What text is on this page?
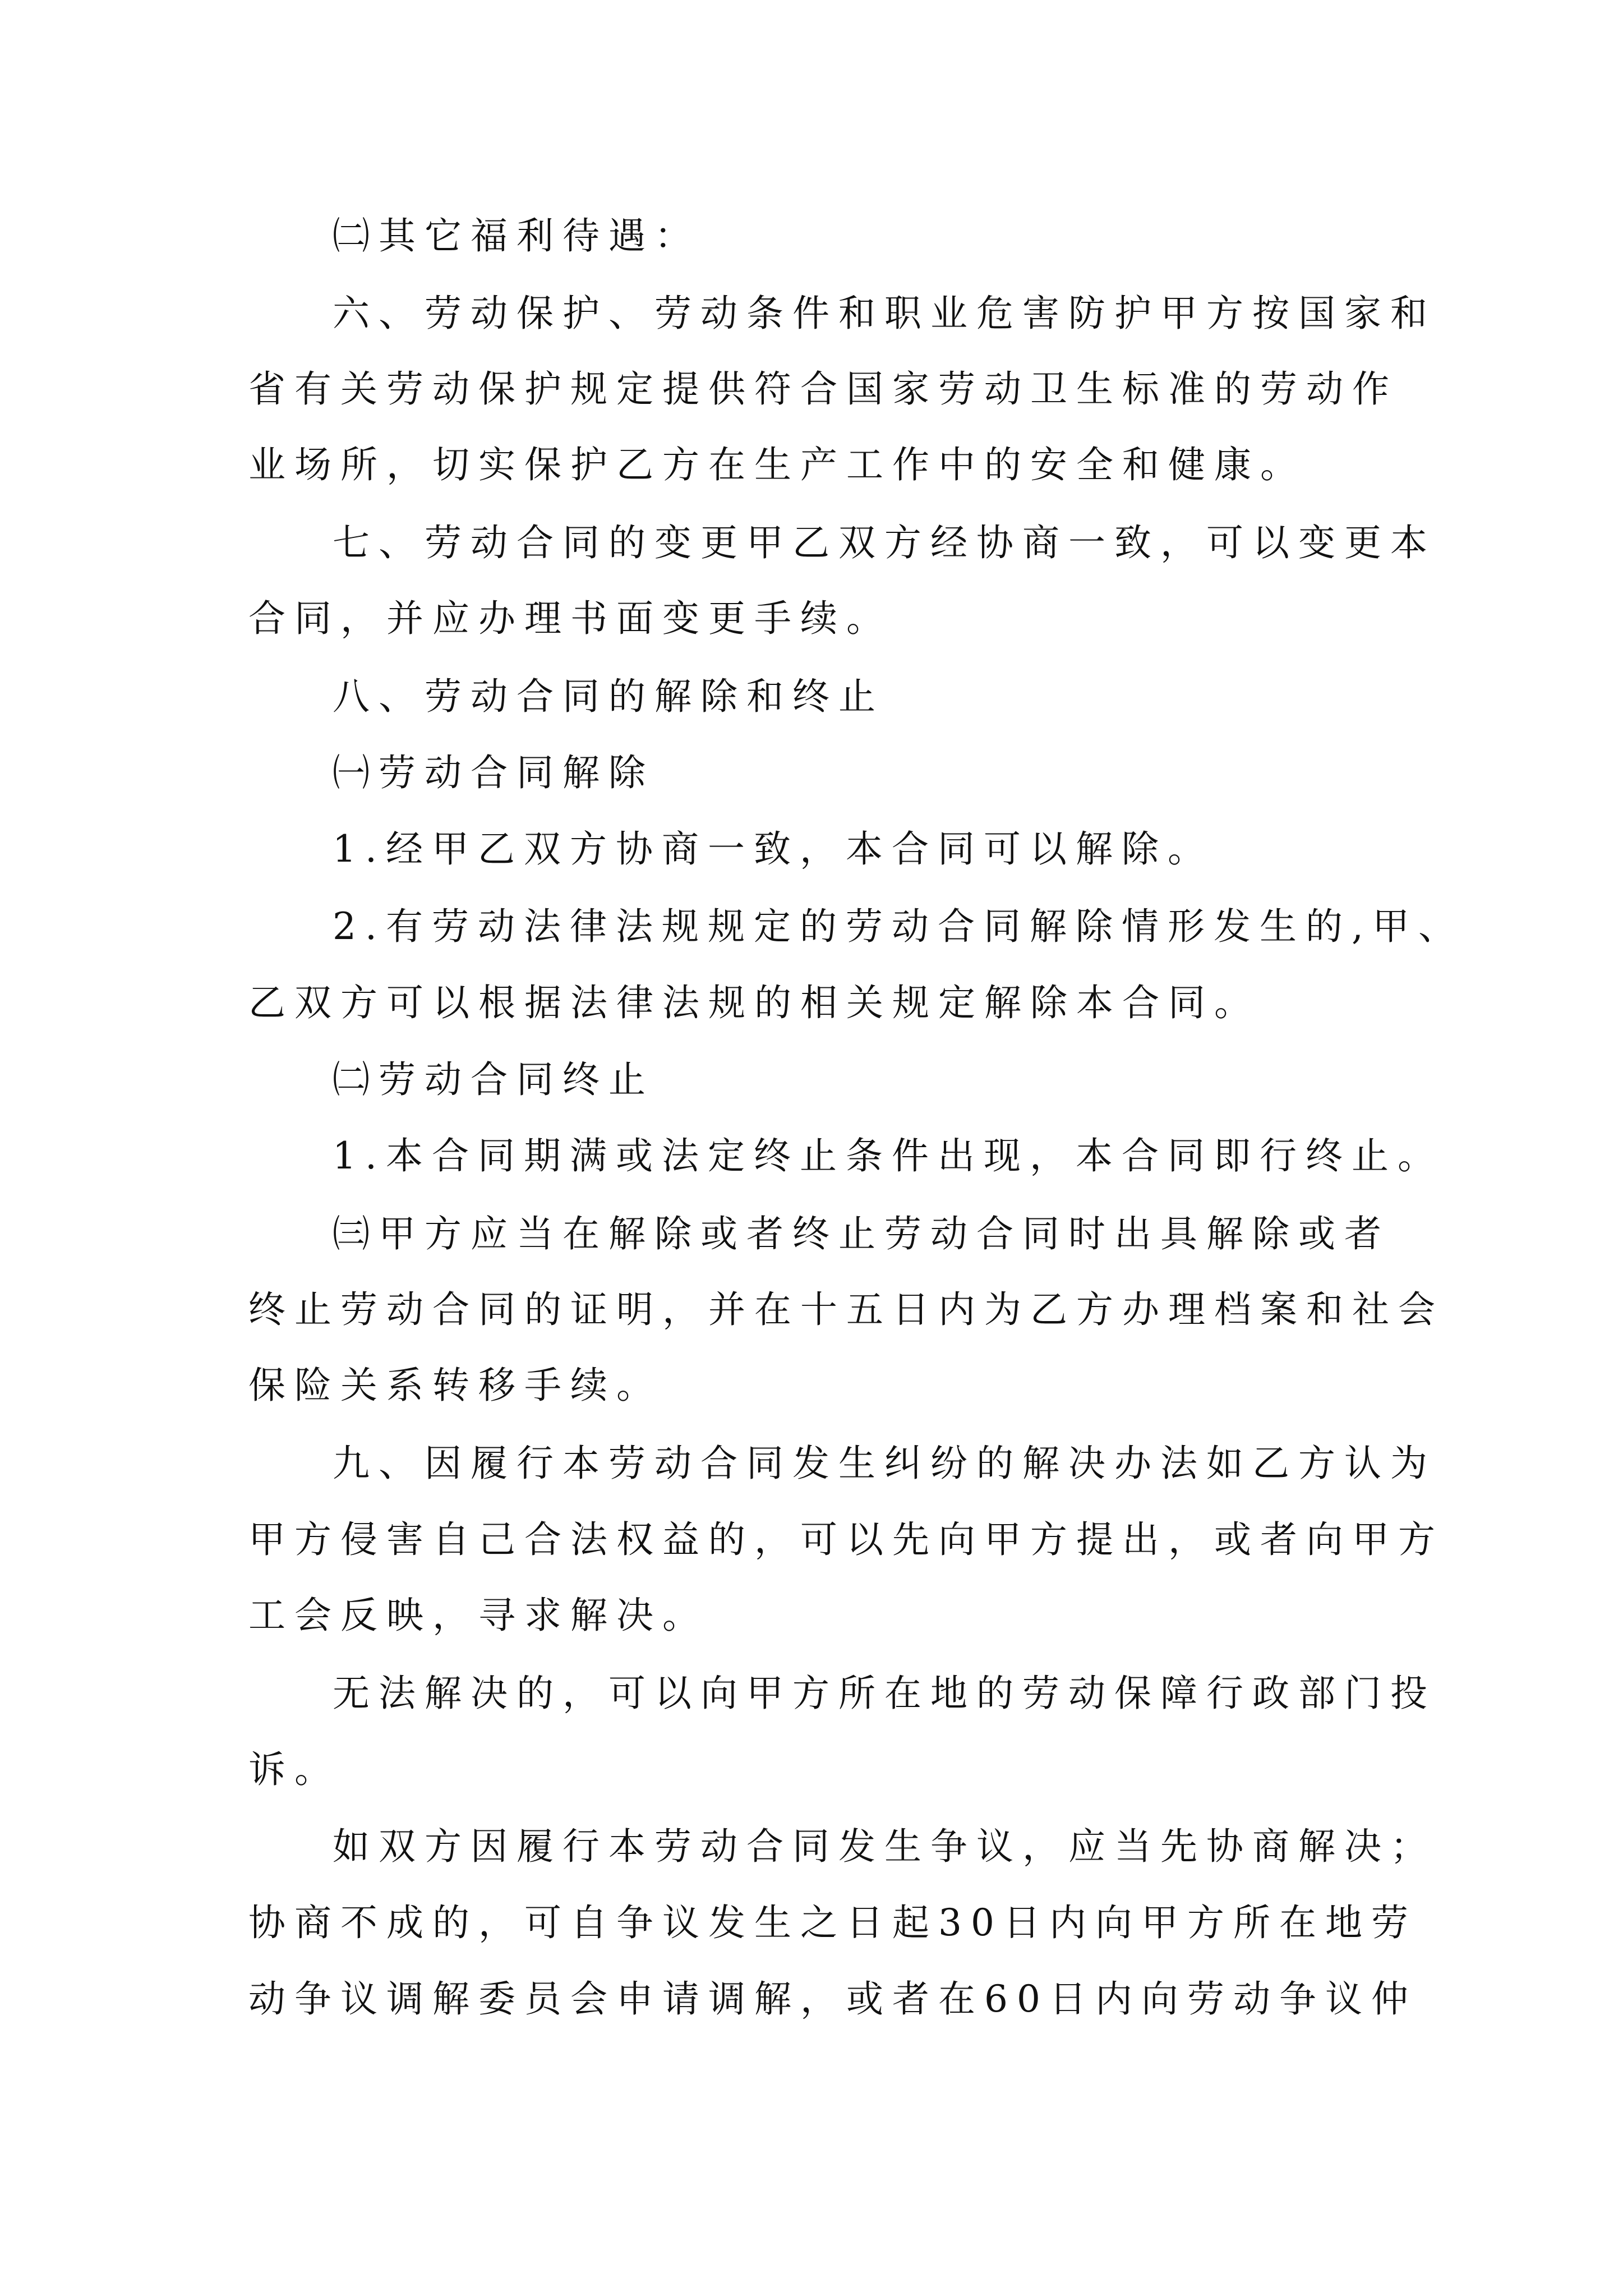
㈡其它福利待遇：
六、劳动保护、劳动条件和职业危害防护甲方按国家和
省有关劳动保护规定提供符合国家劳动卫生标准的劳动作
业场所，切实保护乙方在生产工作中的安全和健康。
七、劳动合同的变更甲乙双方经协商一致，可以变更本
合同，并应办理书面变更手续。
八、劳动合同的解除和终止
㈠劳动合同解除
1.经甲乙双方协商一致，本合同可以解除。
2.有劳动法律法规规定的劳动合同解除情形发生的,甲、
乙双方可以根据法律法规的相关规定解除本合同。
㈡劳动合同终止
1.本合同期满或法定终止条件出现，本合同即行终止。
㈢甲方应当在解除或者终止劳动合同时出具解除或者
终止劳动合同的证明，并在十五日内为乙方办理档案和社会
保险关系转移手续。
九、因履行本劳动合同发生纠纷的解决办法如乙方认为
甲方侵害自己合法权益的，可以先向甲方提出，或者向甲方
工会反映，寻求解决。
无法解决的，可以向甲方所在地的劳动保障行政部门投
诉。
如双方因履行本劳动合同发生争议，应当先协商解决；
协商不成的，可自争议发生之日起30日内向甲方所在地劳
动争议调解委员会申请调解，或者在60日内向劳动争议仲
